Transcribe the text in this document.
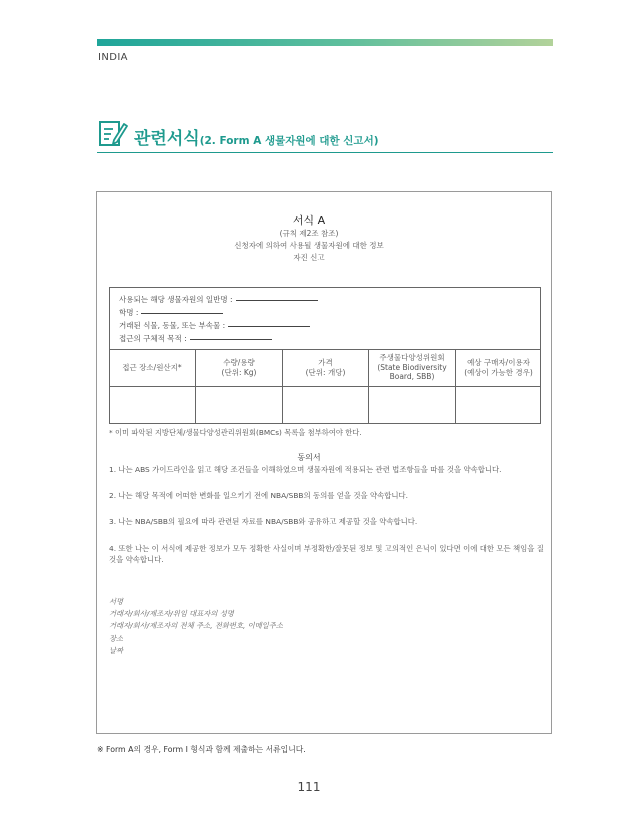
INDIA
관련서식(2. Form A 생물자원에 대한 신고서)
서식 A
(규칙 제2조 참조)
신청자에 의하여 사용될 생물자원에 대한 정보
자진 신고
사용되는 해당 생물자원의 일반명 :
학명 :
거래된 식물, 동물, 또는 부속물 :
접근의 구체적 목적 :
접근 장소/원산지*
수량/용량
(단위: Kg)
가격
(단위: 개당)
주생물다양성위원회
(State Biodiversity
Board, SBB)
예상 구매자/이용자
(예상이 가능한 경우)
* 이미 파악된 지방단체/생물다양성관리위원회(BMCs) 목록을 첨부하여야 한다.
동의서
1. 나는 ABS 가이드라인을 읽고 해당 조건들을 이해하였으며 생물자원에 적용되는 관련 법조항들을 따를 것을 약속합니다.
2. 나는 해당 목적에 어떠한 변화를 일으키기 전에 NBA/SBB의 동의를 얻을 것을 약속합니다.
3. 나는 NBA/SBB의 필요에 따라 관련된 자료를 NBA/SBB와 공유하고 제공할 것을 약속합니다.
4. 또한 나는 이 서식에 제공한 정보가 모두 정확한 사실이며 부정확한/잘못된 정보 및 고의적인 은닉이 있다면 이에 대한 모든 책임을 질 것을 약속합니다.
서명
거래자/회사/제조자/위임 대표자의 성명
거래자/회사/제조자의 전체 주소, 전화번호, 이메일주소
장소
날짜
※ Form A의 경우, Form Ⅰ 형식과 함께 제출하는 서류입니다.
111
